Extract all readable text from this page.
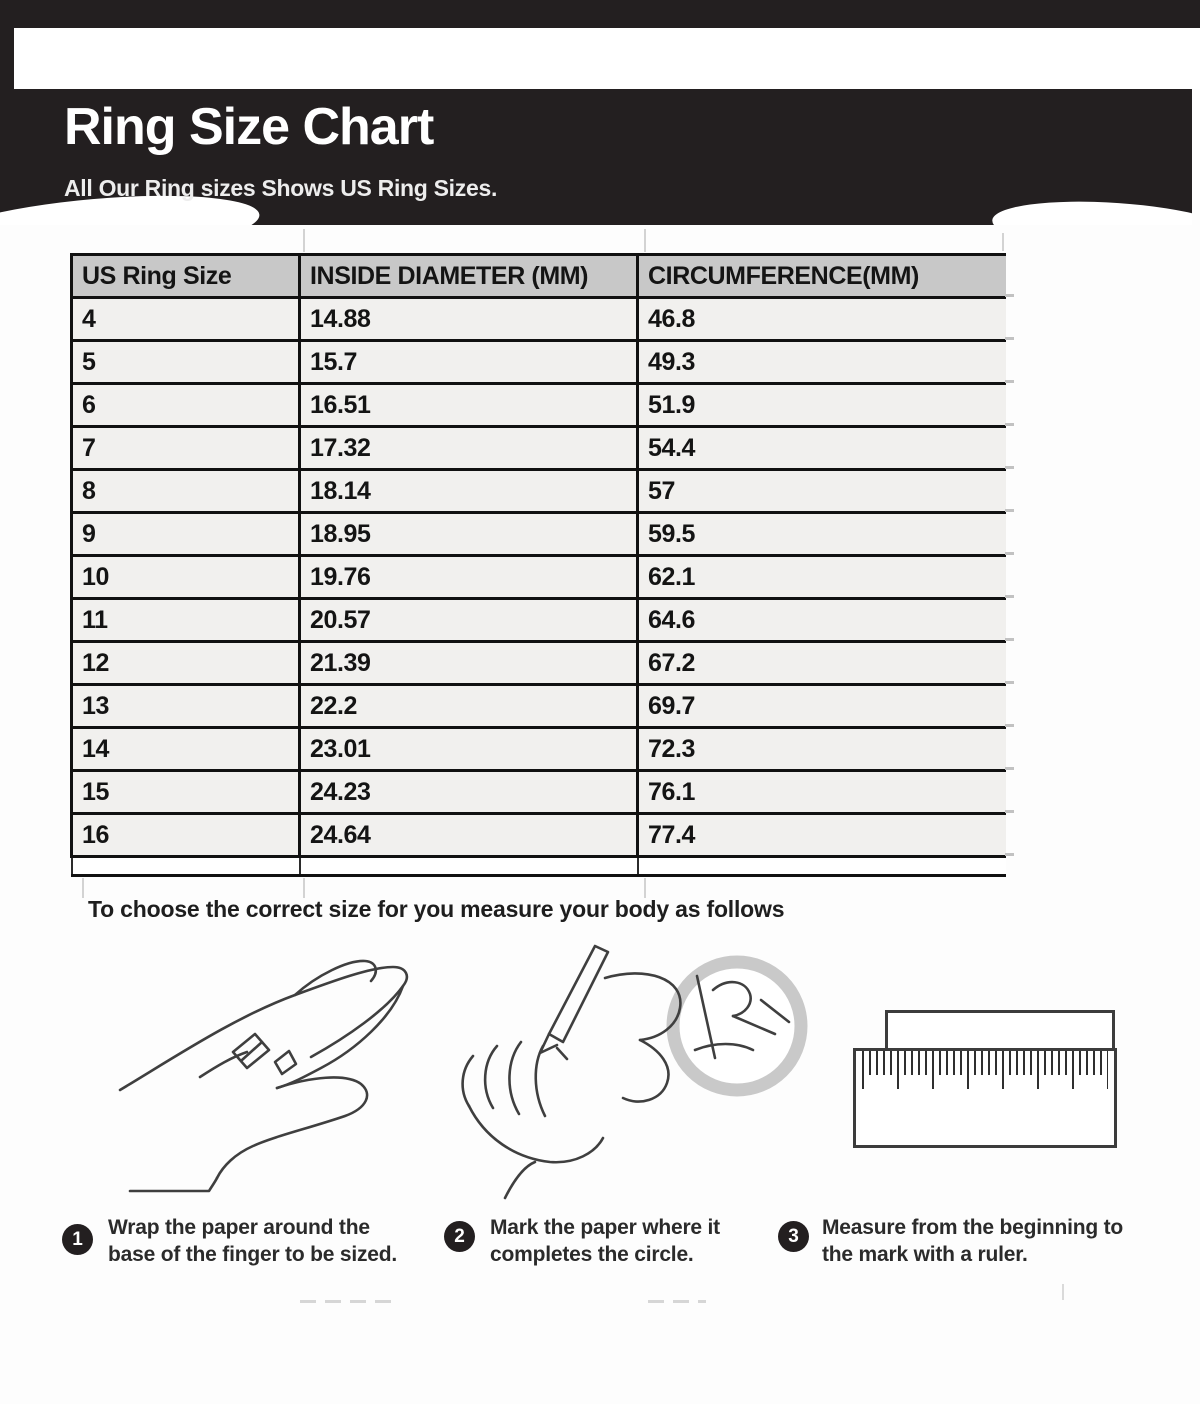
Ring Size Chart
All Our Ring sizes Shows US Ring Sizes.
US Ring Size	INSIDE DIAMETER (MM)	CIRCUMFERENCE(MM)
4	14.88	46.8
5	15.7	49.3
6	16.51	51.9
7	17.32	54.4
8	18.14	57
9	18.95	59.5
10	19.76	62.1
11	20.57	64.6
12	21.39	67.2
13	22.2	69.7
14	23.01	72.3
15	24.23	76.1
16	24.64	77.4

To choose the correct size for you measure your body as follows
1
Wrap the paper around the
base of the finger to be sized.
2	Mark the paper where it
completes the circle.
3	Measure from the beginning to
the mark with a ruler.
